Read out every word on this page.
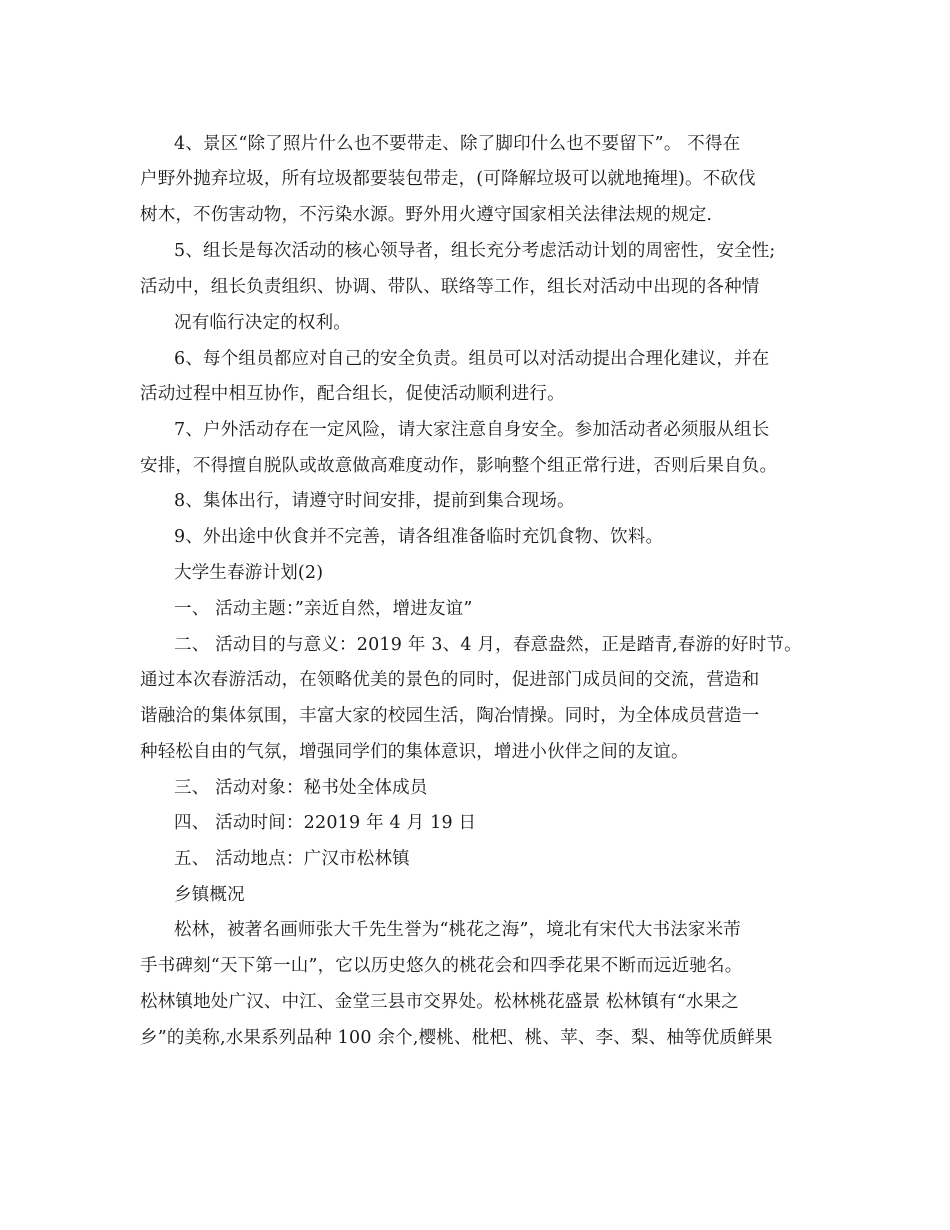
4、景区“除了照片什么也不要带走、除了脚印什么也不要留下”。 不得在
户野外抛弃垃圾，所有垃圾都要装包带走，(可降解垃圾可以就地掩埋)。不砍伐
树木，不伤害动物，不污染水源。野外用火遵守国家相关法律法规的规定.
5、组长是每次活动的核心领导者，组长充分考虑活动计划的周密性，安全性;
活动中，组长负责组织、协调、带队、联络等工作，组长对活动中出现的各种情
况有临行决定的权利。
6、每个组员都应对自己的安全负责。组员可以对活动提出合理化建议，并在
活动过程中相互协作，配合组长，促使活动顺利进行。
7、户外活动存在一定风险，请大家注意自身安全。参加活动者必须服从组长
安排，不得擅自脱队或故意做高难度动作，影响整个组正常行进，否则后果自负。
8、集体出行，请遵守时间安排，提前到集合现场。
9、外出途中伙食并不完善，请各组准备临时充饥食物、饮料。
大学生春游计划(2)
一、 活动主题：”亲近自然，增进友谊”
二、 活动目的与意义：2019 年 3、4 月，春意盎然，正是踏青,春游的好时节。
通过本次春游活动，在领略优美的景色的同时，促进部门成员间的交流，营造和
谐融洽的集体氛围，丰富大家的校园生活，陶冶情操。同时，为全体成员营造一
种轻松自由的气氛，增强同学们的集体意识，增进小伙伴之间的友谊。
三、 活动对象：秘书处全体成员
四、 活动时间：22019 年 4 月 19 日
五、 活动地点：广汉市松林镇
乡镇概况
松林，被著名画师张大千先生誉为“桃花之海”，境北有宋代大书法家米芾
手书碑刻“天下第一山”，它以历史悠久的桃花会和四季花果不断而远近驰名。
松林镇地处广汉、中江、金堂三县市交界处。松林桃花盛景 松林镇有“水果之
乡”的美称,水果系列品种 100 余个,樱桃、枇杷、桃、苹、李、梨、柚等优质鲜果
